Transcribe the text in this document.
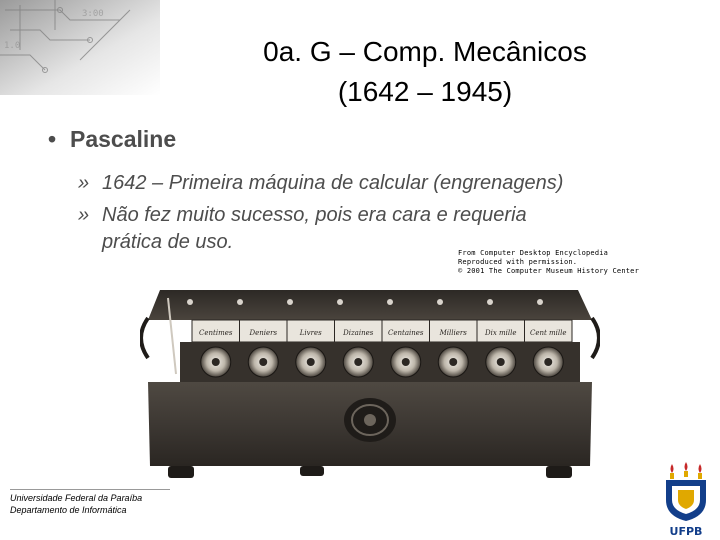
3:00
1.0	0a. G – Comp. Mecânicos
(1642 – 1945)
• Pascaline
» 1642 – Primeira máquina de calcular (engrenagens)
» Não fez muito sucesso, pois era cara e requeria
prática de uso.	From Computer Desktop Encyclopedia
Reproduced with permission.
© 2001 The Computer Museum History Center
Centimes Deniers	Livres	Dizaines Centaines Milliers	Dix mille Cent mille
Universidade Federal da Paraíba
Departamento de Informática
UFPB
